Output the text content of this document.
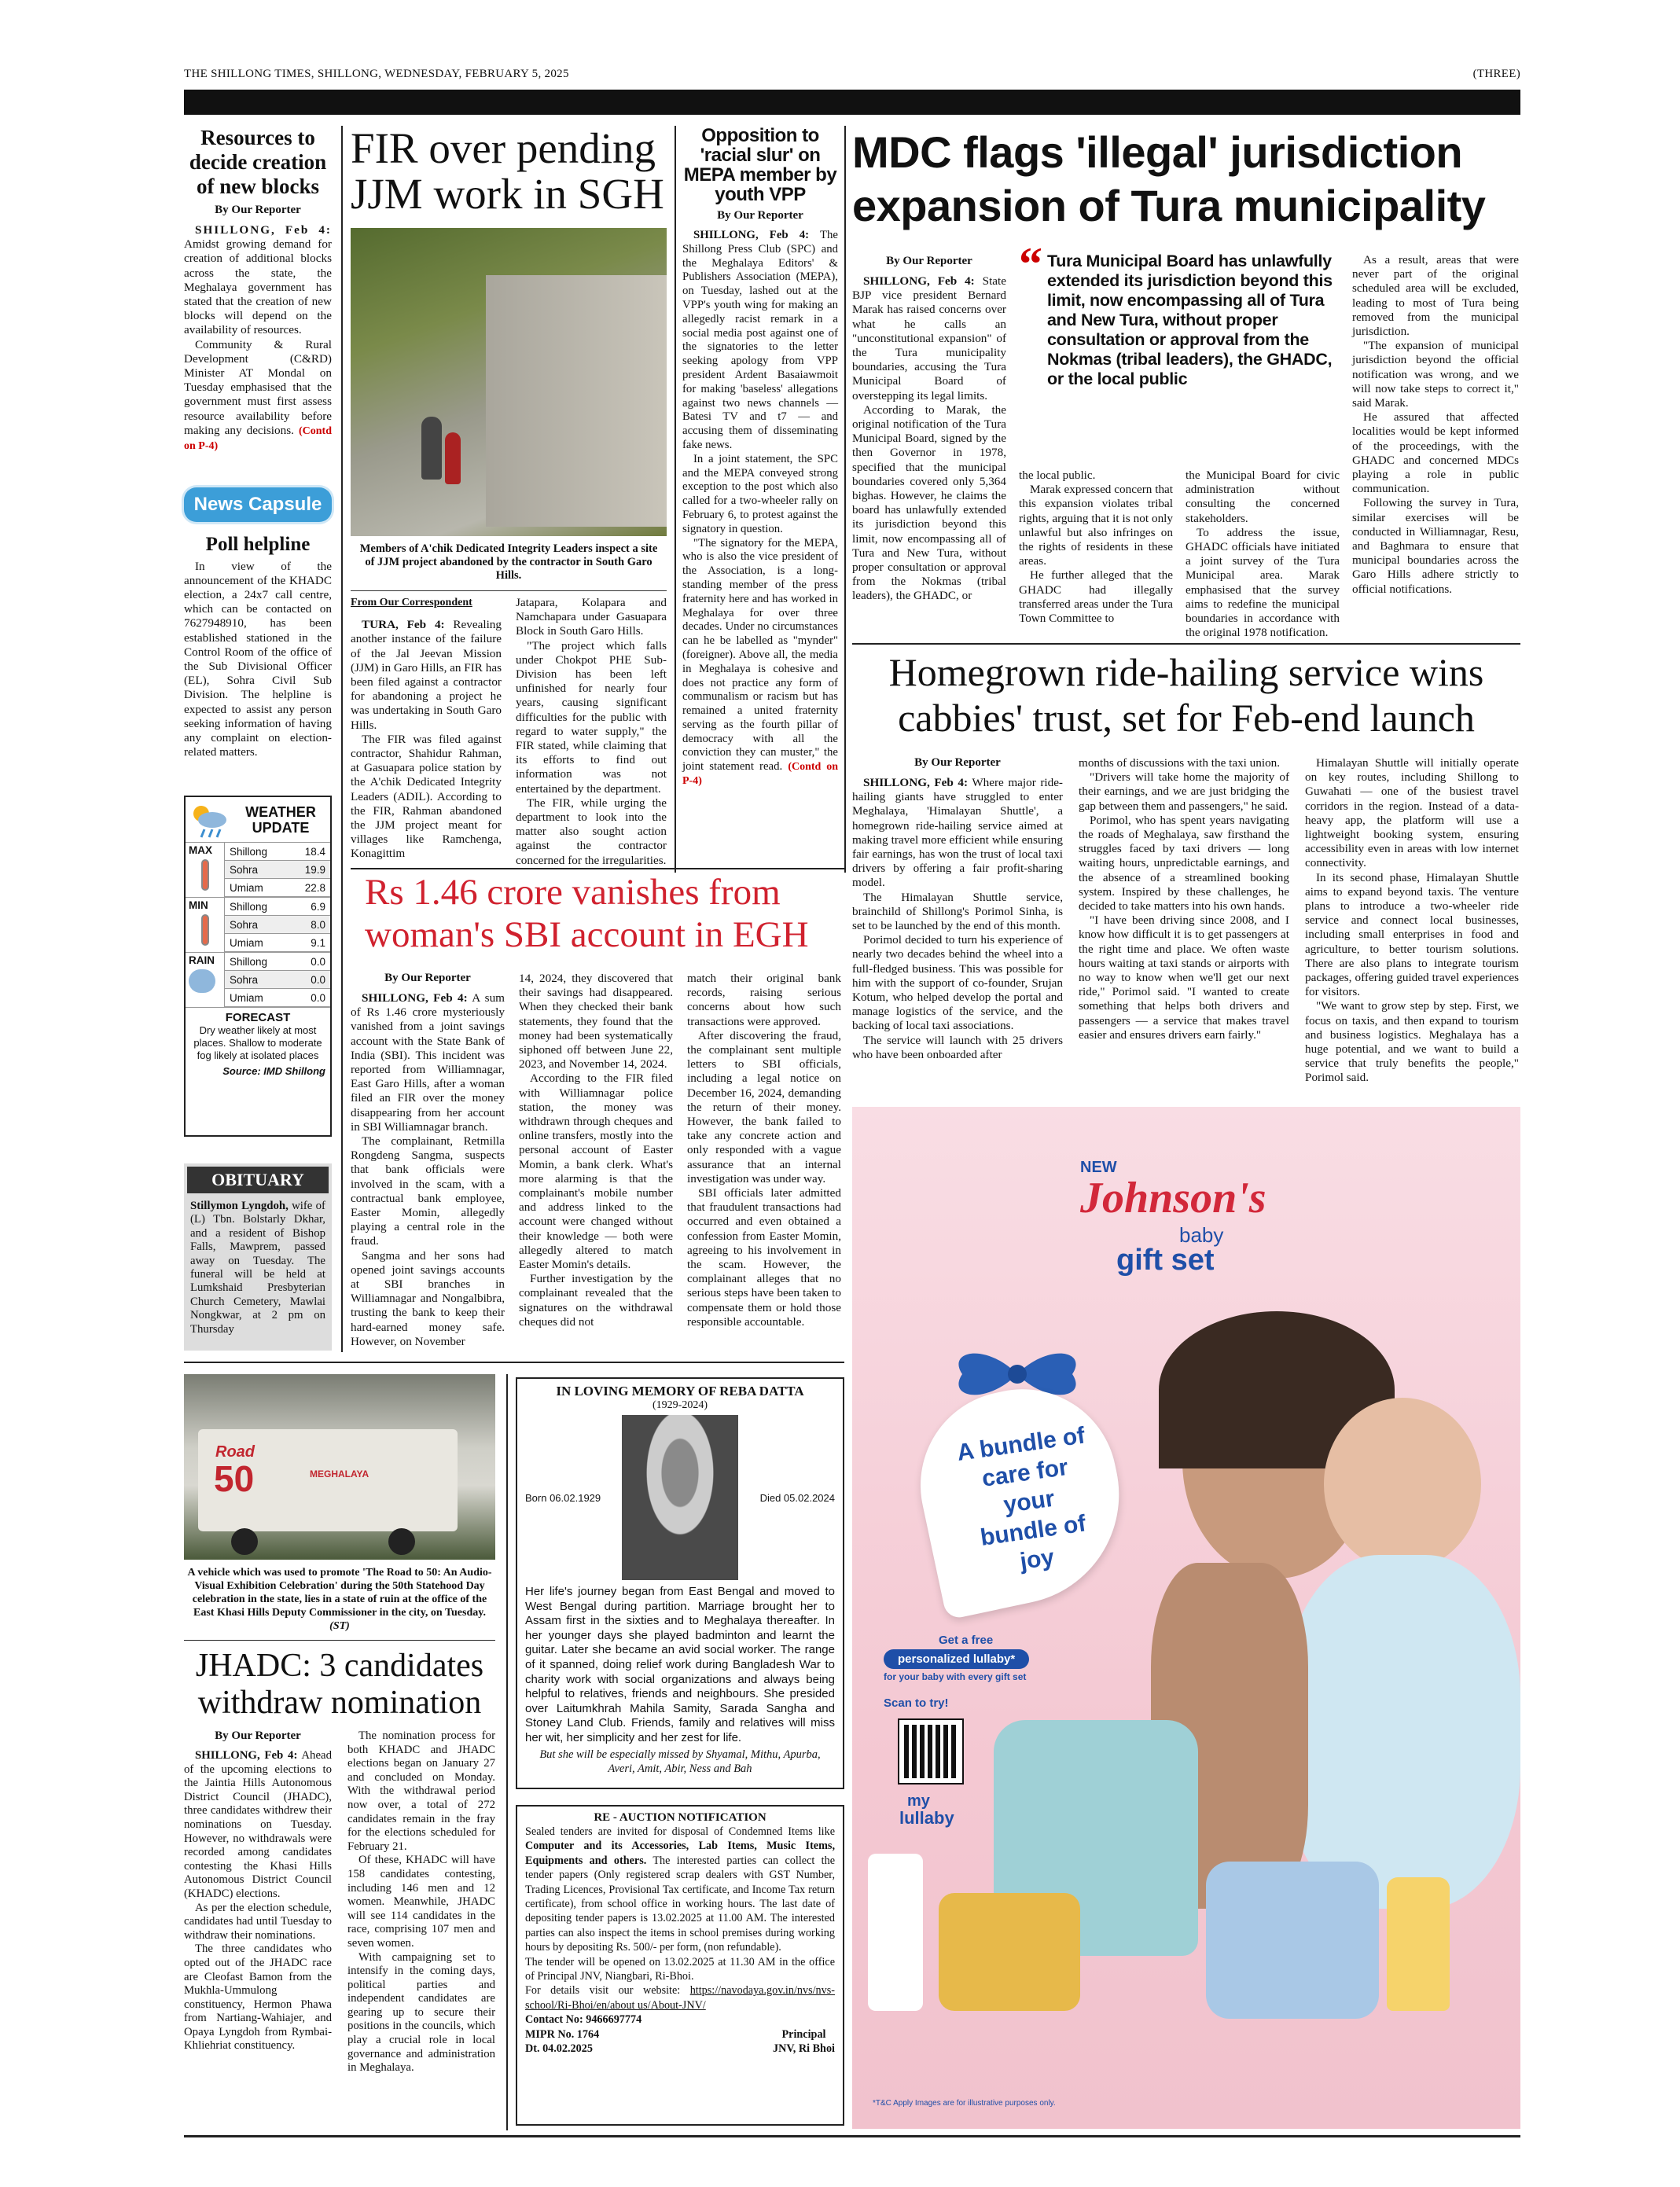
THE SHILLONG TIMES, SHILLONG, WEDNESDAY, FEBRUARY 5, 2025	(THREE)
Resources to decide creation of new blocks
By Our Reporter

SHILLONG, Feb 4: Amidst growing demand for creation of additional blocks across the state, the Meghalaya government has stated that the creation of new blocks will depend on the availability of resources.

Community & Rural Development (C&RD) Minister AT Mondal on Tuesday emphasised that the government must first assess resource availability before making any decisions. (Contd on P-4)

News Capsule
Poll helpline
In view of the announcement of the KHADC election, a 24x7 call centre, which can be contacted on 7627948910, has been established stationed in the Control Room of the office of the Sub Divisional Officer (EL), Sohra Civil Sub Division. The helpline is expected to assist any person seeking information of having any complaint on election-related matters.
WEATHER
UPDATE
MAX	Shillong	18.4
Sohra	19.9
Umiam	22.8
MIN	Shillong	6.9
Sohra	8.0
Umiam	9.1
RAIN	Shillong	0.0
Sohra	0.0
Umiam	0.0
FORECAST
Dry weather likely at most places. Shallow to moderate fog likely at isolated places
Source: IMD Shillong
OBITUARY
Stillymon Lyngdoh, wife of (L) Tbn. Bolstarly Dkhar, and a resident of Bishop Falls, Mawprem, passed away on Tuesday. The funeral will be held at Lumkshaid Presbyterian Church Cemetery, Mawlai Nongkwar, at 2 pm on Thursday
FIR over pending JJM work in SGH
Members of A'chik Dedicated Integrity Leaders inspect a site of JJM project abandoned by the contractor in South Garo Hills.
From Our Correspondent

TURA, Feb 4: Revealing another instance of the failure of the Jal Jeevan Mission (JJM) in Garo Hills, an FIR has been filed against a contractor for abandoning a project he was undertaking in South Garo Hills.

The FIR was filed against contractor, Shahidur Rahman, at Gasuapara police station by the A'chik Dedicated Integrity Leaders (ADIL). According to the FIR, Rahman abandoned the JJM project meant for villages like Ramchenga, Konagittim

Jatapara, Kolapara and Namchapara under Gasuapara Block in South Garo Hills.

"The project which falls under Chokpot PHE Sub-Division has been left unfinished for nearly four years, causing significant difficulties for the public with regard to water supply," the FIR stated, while claiming that its efforts to find out information was not entertained by the department.

The FIR, while urging the department to look into the matter also sought action against the contractor concerned for the irregularities.

Opposition to 'racial slur' on MEPA member by youth VPP
By Our Reporter

SHILLONG, Feb 4: The Shillong Press Club (SPC) and the Meghalaya Editors' & Publishers Association (MEPA), on Tuesday, lashed out at the VPP's youth wing for making an allegedly racist remark in a social media post against one of the signatories to the letter seeking apology from VPP president Ardent Basaiawmoit for making 'baseless' allegations against two news channels — Batesi TV and t7 — and accusing them of disseminating fake news.

In a joint statement, the SPC and the MEPA conveyed strong exception to the post which also called for a two-wheeler rally on February 6, to protest against the signatory in question.

"The signatory for the MEPA, who is also the vice president of the Association, is a long-standing member of the press fraternity here and has worked in Meghalaya for over three decades. Under no circumstances can he be labelled as "mynder" (foreigner). Above all, the media in Meghalaya is cohesive and does not practice any form of communalism or racism but has remained a united fraternity serving as the fourth pillar of democracy with all the conviction they can muster," the joint statement read. (Contd on P-4)

MDC flags 'illegal' jurisdiction expansion of Tura municipality
By Our Reporter

SHILLONG, Feb 4: State BJP vice president Bernard Marak has raised concerns over what he calls an "unconstitutional expansion" of the Tura municipality boundaries, accusing the Tura Municipal Board of overstepping its legal limits.

According to Marak, the original notification of the Tura Municipal Board, signed by the then Governor in 1978, specified that the municipal boundaries covered only 5,364 bighas. However, he claims the board has unlawfully extended its jurisdiction beyond this limit, now encompassing all of Tura and New Tura, without proper consultation or approval from the Nokmas (tribal leaders), the GHADC, or

“ Tura Municipal Board has unlawfully extended its jurisdiction beyond this limit, now encompassing all of Tura and New Tura, without proper consultation or approval from the Nokmas (tribal leaders), the GHADC, or the local public

the local public.

Marak expressed concern that this expansion violates tribal rights, arguing that it is not only unlawful but also infringes on the rights of residents in these areas.

He further alleged that the GHADC had illegally transferred areas under the Tura Town Committee to

the Municipal Board for civic administration without consulting the concerned stakeholders.

To address the issue, GHADC officials have initiated a joint survey of the Tura Municipal area. Marak emphasised that the survey aims to redefine the municipal boundaries in accordance with the original 1978 notification.

As a result, areas that were never part of the original scheduled area will be excluded, leading to most of Tura being removed from the municipal jurisdiction.

"The expansion of municipal jurisdiction beyond the official notification was wrong, and we will now take steps to correct it," said Marak.

He assured that affected localities would be kept informed of the proceedings, with the GHADC and concerned MDCs playing a role in public communication.

Following the survey in Tura, similar exercises will be conducted in Williamnagar, Resu, and Baghmara to ensure that municipal boundaries across the Garo Hills adhere strictly to official notifications.

Homegrown ride-hailing service wins cabbies' trust, set for Feb-end launch
By Our Reporter

SHILLONG, Feb 4: Where major ride-hailing giants have struggled to enter Meghalaya, 'Himalayan Shuttle', a homegrown ride-hailing service aimed at making travel more efficient while ensuring fair earnings, has won the trust of local taxi drivers by offering a fair profit-sharing model.

The Himalayan Shuttle service, brainchild of Shillong's Porimol Sinha, is set to be launched by the end of this month.

Porimol decided to turn his experience of nearly two decades behind the wheel into a full-fledged business. This was possible for him with the support of co-founder, Srujan Kotum, who helped develop the portal and manage logistics of the service, and the backing of local taxi associations.

The service will launch with 25 drivers who have been onboarded after

months of discussions with the taxi union.

"Drivers will take home the majority of their earnings, and we are just bridging the gap between them and passengers," he said.

Porimol, who has spent years navigating the roads of Meghalaya, saw firsthand the struggles faced by taxi drivers — long waiting hours, unpredictable earnings, and the absence of a streamlined booking system. Inspired by these challenges, he decided to take matters into his own hands.

"I have been driving since 2008, and I know how difficult it is to get passengers at the right time and place. We often waste hours waiting at taxi stands or airports with no way to know when we'll get our next ride," Porimol said. "I wanted to create something that helps both drivers and passengers — a service that makes travel easier and ensures drivers earn fairly."

Himalayan Shuttle will initially operate on key routes, including Shillong to Guwahati — one of the busiest travel corridors in the region. Instead of a data-heavy app, the platform will use a lightweight booking system, ensuring accessibility even in areas with low internet connectivity.

In its second phase, Himalayan Shuttle aims to expand beyond taxis. The venture plans to introduce a two-wheeler ride service and connect local businesses, including small enterprises in food and agriculture, to better tourism solutions. There are also plans to integrate tourism packages, offering guided travel experiences for visitors.

"We want to grow step by step. First, we focus on taxis, and then expand to tourism and business logistics. Meghalaya has a huge potential, and we want to build a service that truly benefits the people," Porimol said.

Rs 1.46 crore vanishes from woman's SBI account in EGH
By Our Reporter

SHILLONG, Feb 4: A sum of Rs 1.46 crore mysteriously vanished from a joint savings account with the State Bank of India (SBI). This incident was reported from Williamnagar, East Garo Hills, after a woman filed an FIR over the money disappearing from her account in SBI Williamnagar branch.

The complainant, Retmilla Rongdeng Sangma, suspects that bank officials were involved in the scam, with a contractual bank employee, Easter Momin, allegedly playing a central role in the fraud.

Sangma and her sons had opened joint savings accounts at SBI branches in Williamnagar and Nongalbibra, trusting the bank to keep their hard-earned money safe. However, on November

14, 2024, they discovered that their savings had disappeared. When they checked their bank statements, they found that the money had been systematically siphoned off between June 22, 2023, and November 14, 2024.

According to the FIR filed with Williamnagar police station, the money was withdrawn through cheques and online transfers, mostly into the personal account of Easter Momin, a bank clerk. What's more alarming is that the complainant's mobile number and address linked to the account were changed without their knowledge — both were allegedly altered to match Easter Momin's details.

Further investigation by the complainant revealed that the signatures on the withdrawal cheques did not

match their original bank records, raising serious concerns about how such transactions were approved.

After discovering the fraud, the complainant sent multiple letters to SBI officials, including a legal notice on December 16, 2024, demanding the return of their money. However, the bank failed to take any concrete action and only responded with a vague assurance that an internal investigation was under way.

SBI officials later admitted that fraudulent transactions had occurred and even obtained a confession from Easter Momin, agreeing to his involvement in the scam. However, the complainant alleges that no serious steps have been taken to compensate them or hold those responsible accountable.

Road
50	MEGHALAYA
A vehicle which was used to promote 'The Road to 50: An Audio-Visual Exhibition Celebration' during the 50th Statehood Day celebration in the state, lies in a state of ruin at the office of the East Khasi Hills Deputy Commissioner in the city, on Tuesday. (ST)
JHADC: 3 candidates withdraw nomination
By Our Reporter

SHILLONG, Feb 4: Ahead of the upcoming elections to the Jaintia Hills Autonomous District Council (JHADC), three candidates withdrew their nominations on Tuesday. However, no withdrawals were recorded among candidates contesting the Khasi Hills Autonomous District Council (KHADC) elections.

As per the election schedule, candidates had until Tuesday to withdraw their nominations.

The three candidates who opted out of the JHADC race are Cleofast Bamon from the Mukhla-Ummulong constituency, Hermon Phawa from Nartiang-Wahiajer, and Opaya Lyngdoh from Rymbai-Khliehriat constituency.

The nomination process for both KHADC and JHADC elections began on January 27 and concluded on Monday. With the withdrawal period now over, a total of 272 candidates remain in the fray for the elections scheduled for February 21.

Of these, KHADC will have 158 candidates contesting, including 146 men and 12 women. Meanwhile, JHADC will see 114 candidates in the race, comprising 107 men and seven women.

With campaigning set to intensify in the coming days, political parties and independent candidates are gearing up to secure their positions in the councils, which play a crucial role in local governance and administration in Meghalaya.

IN LOVING MEMORY OF REBA DATTA
(1929-2024)
Born 06.02.1929	Died 05.02.2024
Her life's journey began from East Bengal and moved to West Bengal during partition. Marriage brought her to Assam first in the sixties and to Meghalaya thereafter. In her younger days she played badminton and learnt the guitar. Later she became an avid social worker. The range of it spanned, doing relief work during Bangladesh War to charity work with social organizations and always being helpful to relatives, friends and neighbours. She presided over Laitumkhrah Mahila Samity, Sarada Sangha and Stoney Land Club. Friends, family and relatives will miss her wit, her simplicity and her zest for life.
But she will be especially missed by Shyamal, Mithu, Apurba, Averi, Amit, Abir, Ness and Bah
RE - AUCTION NOTIFICATION

Sealed tenders are invited for disposal of Condemned Items like Computer and its Accessories, Lab Items, Music Items, Equipments and others. The interested parties can collect the tender papers (Only registered scrap dealers with GST Number, Trading Licences, Provisional Tax certificate, and Income Tax return certificate), from school office in working hours. The last date of depositing tender papers is 13.02.2025 at 11.00 AM. The interested parties can also inspect the items in school premises during working hours by depositing Rs. 500/- per form, (non refundable).

The tender will be opened on 13.02.2025 at 11.30 AM in the office of Principal JNV, Niangbari, Ri-Bhoi.

For details visit our website: https://navodaya.gov.in/nvs/nvs-school/Ri-Bhoi/en/about us/About-JNV/

Contact No: 9466697774
MIPR No. 1764
Dt. 04.02.2025
Principal
JNV, Ri Bhoi
NEW
Johnson's
baby
gift set
A bundle of care for your bundle of joy
Get a free
personalized lullaby*
for your baby with every gift set
Scan to try!
my
lullaby
*T&C Apply Images are for illustrative purposes only.
